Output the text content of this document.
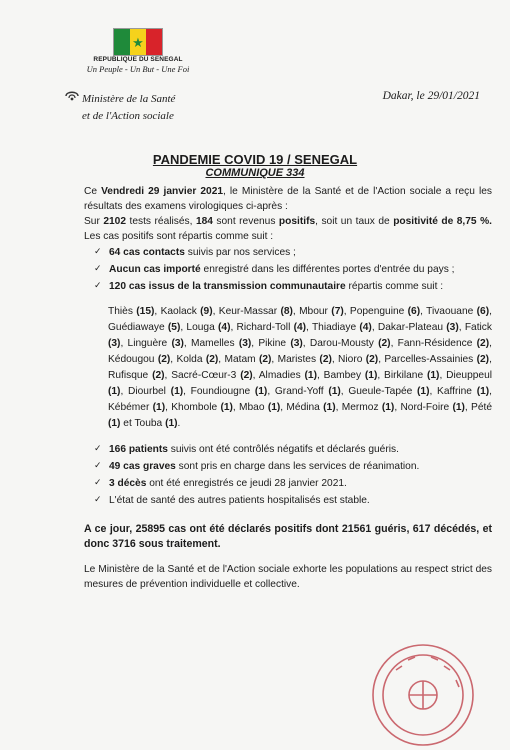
★
REPUBLIQUE DU SENEGAL
Un Peuple - Un But - Une Foi
Ministère de la Santé
et de l'Action sociale
Dakar, le 29/01/2021
PANDEMIE COVID 19 / SENEGAL
COMMUNIQUE 334

Ce Vendredi 29 janvier 2021, le Ministère de la Santé et de l'Action sociale a reçu les résultats des examens virologiques ci-après :
Sur 2102 tests réalisés, 184 sont revenus positifs, soit un taux de positivité de 8,75 %. Les cas positifs sont répartis comme suit :

✓ 64 cas contacts suivis par nos services ;
✓ Aucun cas importé enregistré dans les différentes portes d'entrée du pays ;
✓ 120 cas issus de la transmission communautaire répartis comme suit :
Thiès (15), Kaolack (9), Keur-Massar (8), Mbour (7), Popenguine (6), Tivaouane (6), Guédiawaye (5), Louga (4), Richard-Toll (4), Thiadiaye (4), Dakar-Plateau (3), Fatick (3), Linguère (3), Mamelles (3), Pikine (3), Darou-Mousty (2), Fann-Résidence (2), Kédougou (2), Kolda (2), Matam (2), Maristes (2), Nioro (2), Parcelles-Assainies (2), Rufisque (2), Sacré-Cœur-3 (2), Almadies (1), Bambey (1), Birkilane (1), Dieuppeul (1), Diourbel (1), Foundiougne (1), Grand-Yoff (1), Gueule-Tapée (1), Kaffrine (1), Kébémer (1), Khombole (1), Mbao (1), Médina (1), Mermoz (1), Nord-Foire (1), Pété (1) et Touba (1).
✓ 166 patients suivis ont été contrôlés négatifs et déclarés guéris.
✓ 49 cas graves sont pris en charge dans les services de réanimation.
✓ 3 décès ont été enregistrés ce jeudi 28 janvier 2021.
✓ L'état de santé des autres patients hospitalisés est stable.
A ce jour, 25895 cas ont été déclarés positifs dont 21561 guéris, 617 décédés, et donc 3716 sous traitement.
Le Ministère de la Santé et de l'Action sociale exhorte les populations au respect strict des mesures de prévention individuelle et collective.
